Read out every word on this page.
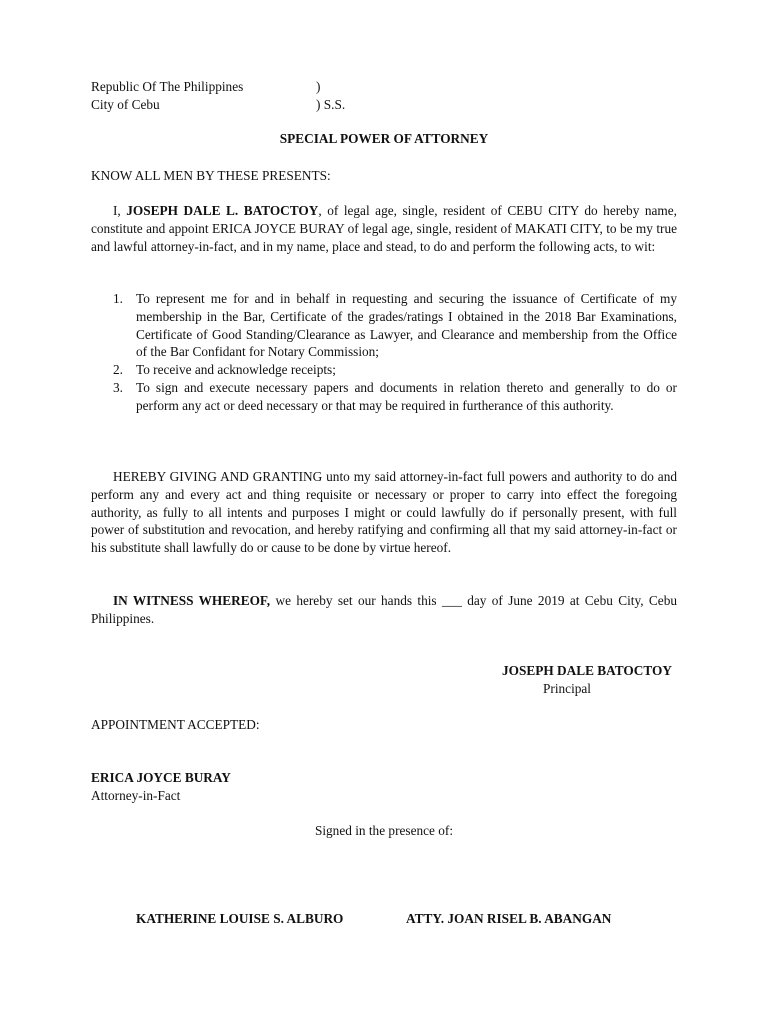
Republic Of The Philippines	)
City of Cebu	) S.S.
SPECIAL POWER OF ATTORNEY
KNOW ALL MEN BY THESE PRESENTS:

I, JOSEPH DALE L. BATOCTOY, of legal age, single, resident of CEBU CITY do hereby name, constitute and appoint ERICA JOYCE BURAY of legal age, single, resident of MAKATI CITY, to be my true and lawful attorney-in-fact, and in my name, place and stead, to do and perform the following acts, to wit:

1. To represent me for and in behalf in requesting and securing the issuance of Certificate of my membership in the Bar, Certificate of the grades/ratings I obtained in the 2018 Bar Examinations, Certificate of Good Standing/Clearance as Lawyer, and Clearance and membership from the Office of the Bar Confidant for Notary Commission;
2. To receive and acknowledge receipts;
3. To sign and execute necessary papers and documents in relation thereto and generally to do or perform any act or deed necessary or that may be required in furtherance of this authority.

HEREBY GIVING AND GRANTING unto my said attorney-in-fact full powers and authority to do and perform any and every act and thing requisite or necessary or proper to carry into effect the foregoing authority, as fully to all intents and purposes I might or could lawfully do if personally present, with full power of substitution and revocation, and hereby ratifying and confirming all that my said attorney-in-fact or his substitute shall lawfully do or cause to be done by virtue hereof.

IN WITNESS WHEREOF, we hereby set our hands this ___ day of June 2019 at Cebu City, Cebu Philippines.

JOSEPH DALE BATOCTOY
Principal
APPOINTMENT ACCEPTED:
ERICA JOYCE BURAY
Attorney-in-Fact
Signed in the presence of:
KATHERINE LOUISE S. ALBURO	ATTY. JOAN RISEL B. ABANGAN
